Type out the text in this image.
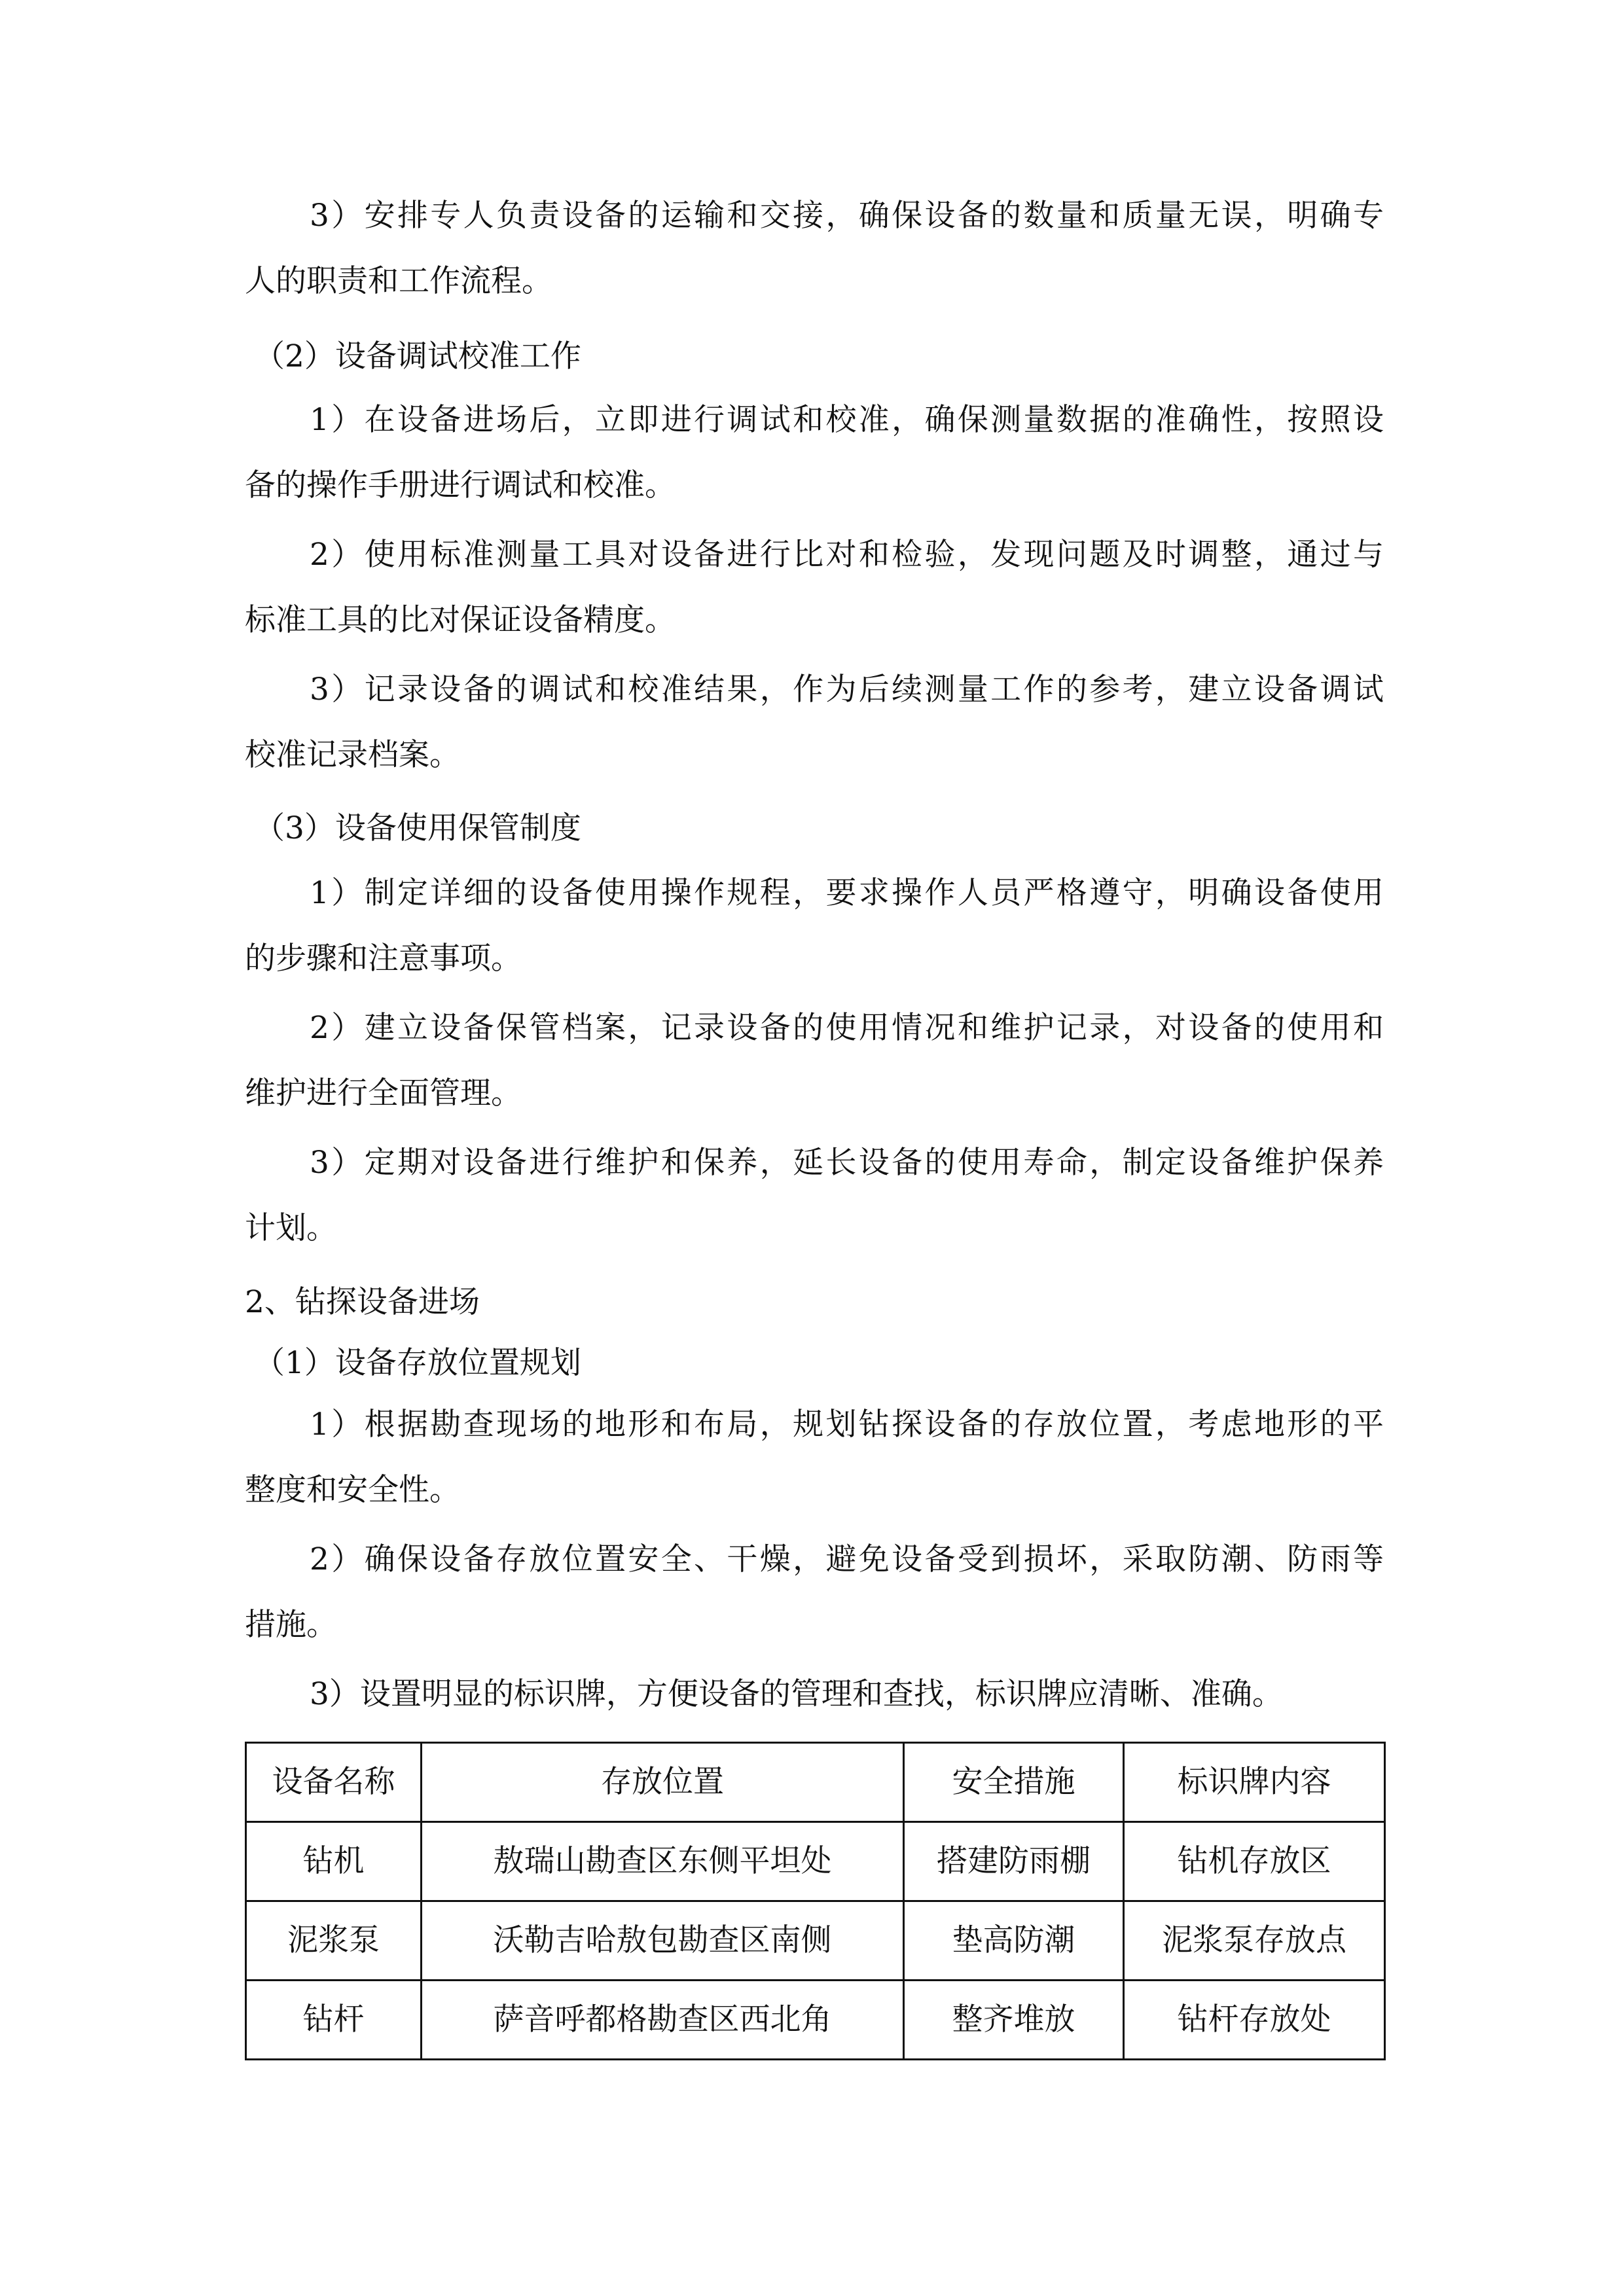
3）安排专人负责设备的运输和交接，确保设备的数量和质量无误，明确专
人的职责和工作流程。
（2）设备调试校准工作
1）在设备进场后，立即进行调试和校准，确保测量数据的准确性，按照设
备的操作手册进行调试和校准。
2）使用标准测量工具对设备进行比对和检验，发现问题及时调整，通过与
标准工具的比对保证设备精度。
3）记录设备的调试和校准结果，作为后续测量工作的参考，建立设备调试
校准记录档案。
（3）设备使用保管制度
1）制定详细的设备使用操作规程，要求操作人员严格遵守，明确设备使用
的步骤和注意事项。
2）建立设备保管档案，记录设备的使用情况和维护记录，对设备的使用和
维护进行全面管理。
3）定期对设备进行维护和保养，延长设备的使用寿命，制定设备维护保养
计划。
2、钻探设备进场
（1）设备存放位置规划
1）根据勘查现场的地形和布局，规划钻探设备的存放位置，考虑地形的平
整度和安全性。
2）确保设备存放位置安全、干燥，避免设备受到损坏，采取防潮、防雨等
措施。
3）设置明显的标识牌，方便设备的管理和查找，标识牌应清晰、准确。
设备名称	存放位置	安全措施	标识牌内容
钻机	敖瑞山勘查区东侧平坦处	搭建防雨棚	钻机存放区
泥浆泵	沃勒吉哈敖包勘查区南侧	垫高防潮	泥浆泵存放点
钻杆	萨音呼都格勘查区西北角	整齐堆放	钻杆存放处
